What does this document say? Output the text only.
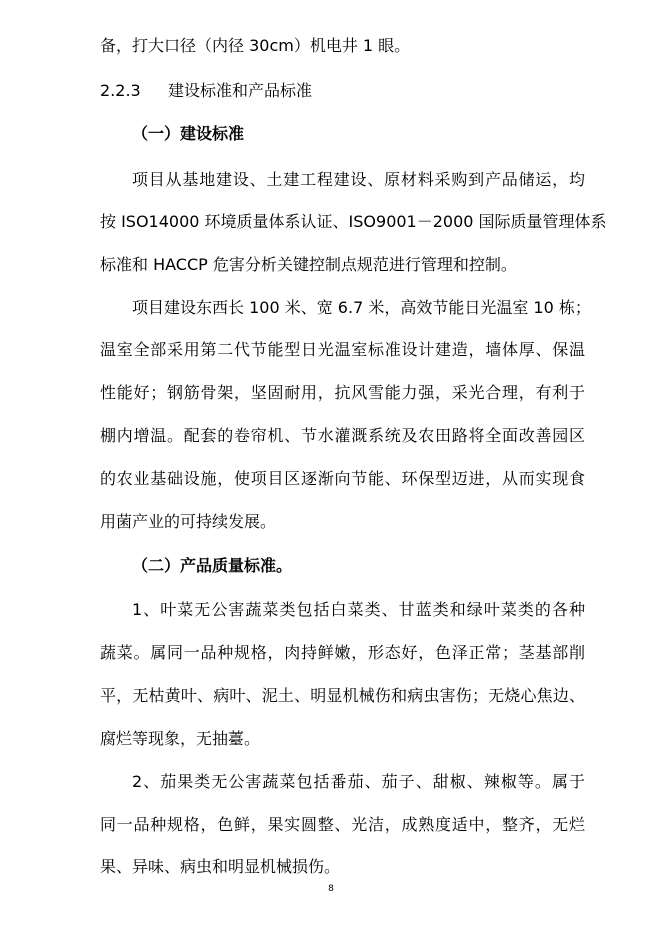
备，打大口径（内径 30cm）机电井 1 眼。
2.2.3 建设标准和产品标准
（一）建设标准
项目从基地建设、土建工程建设、原材料采购到产品储运，均
按 ISO14000 环境质量体系认证、ISO9001－2000 国际质量管理体系
标准和 HACCP 危害分析关键控制点规范进行管理和控制。
项目建设东西长 100 米、宽 6.7 米，高效节能日光温室 10 栋；
温室全部采用第二代节能型日光温室标准设计建造，墙体厚、保温
性能好；钢筋骨架，坚固耐用，抗风雪能力强，采光合理，有利于
棚内增温。配套的卷帘机、节水灌溉系统及农田路将全面改善园区
的农业基础设施，使项目区逐渐向节能、环保型迈进，从而实现食
用菌产业的可持续发展。
（二）产品质量标准。
1、叶菜无公害蔬菜类包括白菜类、甘蓝类和绿叶菜类的各种
蔬菜。属同一品种规格，肉持鲜嫩，形态好，色泽正常；茎基部削
平，无枯黄叶、病叶、泥土、明显机械伤和病虫害伤；无烧心焦边、
腐烂等现象，无抽薹。
2、茄果类无公害蔬菜包括番茄、茄子、甜椒、辣椒等。属于
同一品种规格，色鲜，果实圆整、光洁，成熟度适中，整齐，无烂
果、异味、病虫和明显机械损伤。
8
